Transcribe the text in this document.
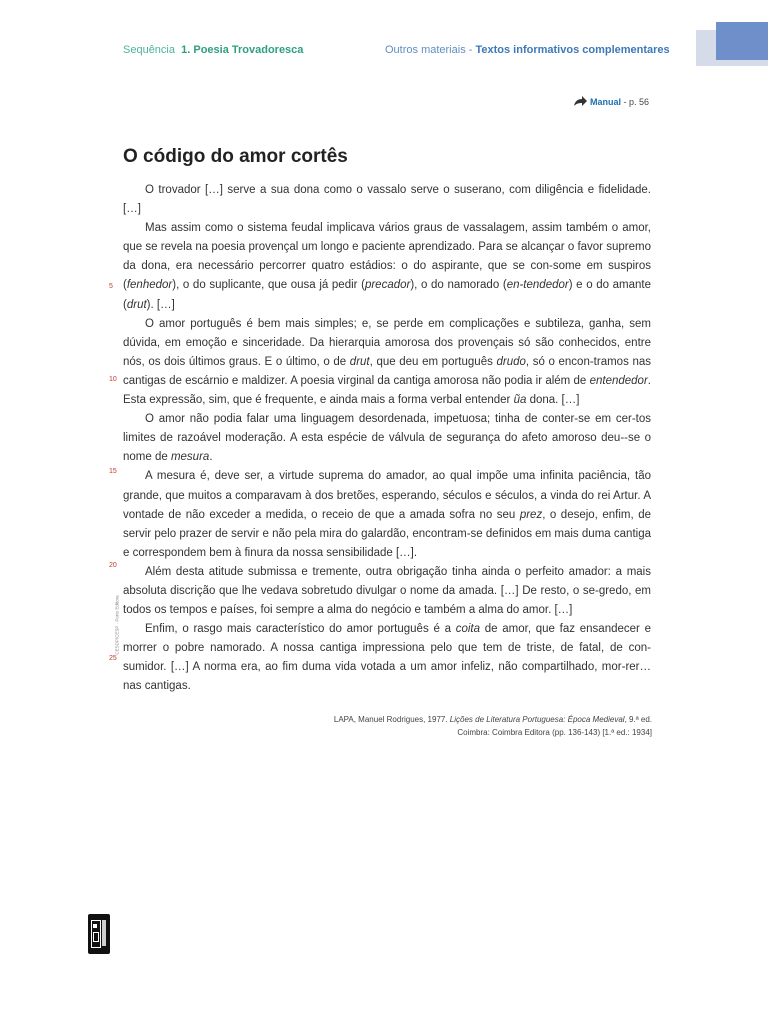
Sequência 1. Poesia Trovadoresca	Outros materiais - Textos informativos complementares
Manual - p. 56
O código do amor cortês

O trovador […] serve a sua dona como o vassalo serve o suserano, com diligência e fidelidade. […]

Mas assim como o sistema feudal implicava vários graus de vassalagem, assim também o amor, que se revela na poesia provençal um longo e paciente aprendizado. Para se alcançar o favor supremo da dona, era necessário percorrer quatro estádios: o do aspirante, que se con-some em suspiros (fenhedor), o do suplicante, que ousa já pedir (precador), o do namorado (en-tendedor) e o do amante (drut). […]

O amor português é bem mais simples; e, se perde em complicações e subtileza, ganha, sem dúvida, em emoção e sinceridade. Da hierarquia amorosa dos provençais só são conhecidos, entre nós, os dois últimos graus. E o último, o de drut, que deu em português drudo, só o encon-tramos nas cantigas de escárnio e maldizer. A poesia virginal da cantiga amorosa não podia ir além de entendedor. Esta expressão, sim, que é frequente, e ainda mais a forma verbal entender ũa dona. […]

O amor não podia falar uma linguagem desordenada, impetuosa; tinha de conter-se em cer-tos limites de razoável moderação. A esta espécie de válvula de segurança do afeto amoroso deu--se o nome de mesura.

A mesura é, deve ser, a virtude suprema do amador, ao qual impõe uma infinita paciência, tão grande, que muitos a comparavam à dos bretões, esperando, séculos e séculos, a vinda do rei Artur. A vontade de não exceder a medida, o receio de que a amada sofra no seu prez, o desejo, enfim, de servir pelo prazer de servir e não pela mira do galardão, encontram-se definidos em mais duma cantiga e correspondem bem à finura da nossa sensibilidade […].

Além desta atitude submissa e tremente, outra obrigação tinha ainda o perfeito amador: a mais absoluta discrição que lhe vedava sobretudo divulgar o nome da amada. […] De resto, o se-gredo, em todos os tempos e países, foi sempre a alma do negócio e também a alma do amor. […]

Enfim, o rasgo mais característico do amor português é a coita de amor, que faz ensandecer e morrer o pobre namorado. A nossa cantiga impressiona pelo que tem de triste, de fatal, de con-sumidor. […] A norma era, ao fim duma vida votada a um amor infeliz, não compartilhado, mor-rer… nas cantigas.

5
10
15
20
25
LAPA, Manuel Rodrigues, 1977. Lições de Literatura Portuguesa: Época Medieval, 9.ª ed.
Coimbra: Coimbra Editora (pp. 136-143) [1.ª ed.: 1934]
CESDP/CESP · Porto Editora
